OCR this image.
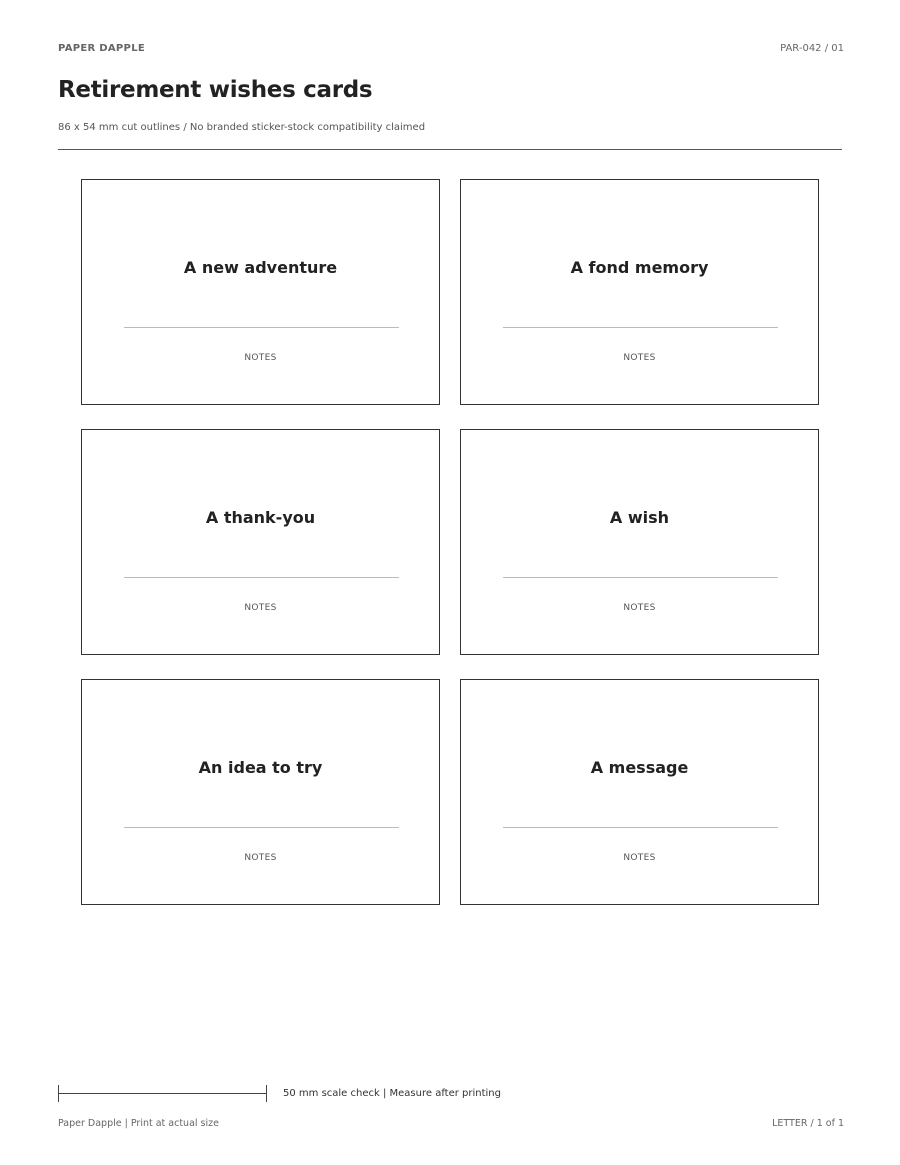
PAPER DAPPLE	PAR-042 / 01
Retirement wishes cards
86 x 54 mm cut outlines / No branded sticker-stock compatibility claimed
A new adventure
NOTES
A fond memory
NOTES
A thank-you
NOTES
A wish
NOTES
An idea to try
NOTES
A message
NOTES
50 mm scale check | Measure after printing
Paper Dapple | Print at actual size	LETTER / 1 of 1
